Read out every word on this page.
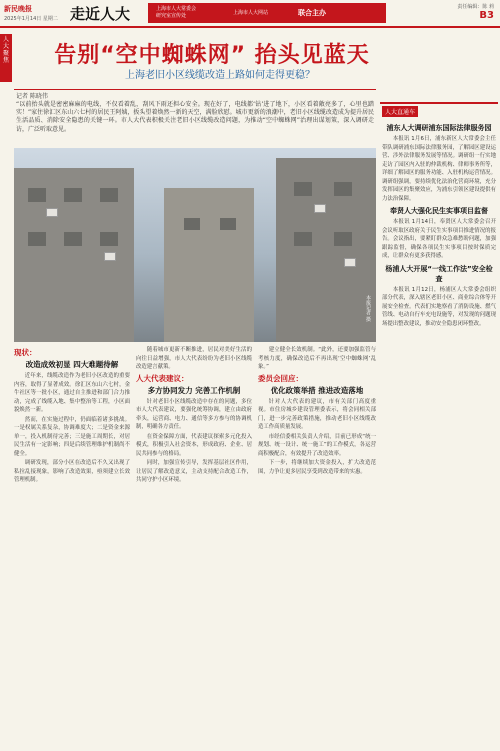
新民晚报
2025年1月14日 星期二 走近人大	上海市人大常委会
研究室宣传处	上海市人大网站	联合主办
责任编辑：陈 莉
B3
人大聚焦 告别“空中蜘蛛网” 抬头见蓝天
上海老旧小区线缆改造上路如何走得更稳？
记者 陈晓伟
“以前抬头就是密密麻麻的电线，不仅看着乱，刮风下雨还担心安全。现在好了，电线都‘钻’进了地下，小区看着敞亮多了，心里也踏实！”家住徐汇区东山六七村的居民王阿姨，扳头望着焕然一新的天空，满脸欣慰。城市更新的浪潮中，老旧小区线缆改造成为提升居民生活品质、消除安全隐患的关键一环。市人大代表积极关注老旧小区线缆改造问题，为推动“空中蜘蛛网”治理出谋划策，深入调研走访，广泛听取意见。
本报记者 摄
现状：
改造成效初显 四大难题待解

近年来，线缆改造作为老旧小区改造的重要内容，取得了显著成效。徐汇区东山六七村，金牛社区等一批小区，通过自主推进和部门合力推动，完成了线缆入地、集中整治等工程，小区面貌焕然一新。

然而，在实施过程中，仍面临着诸多挑战。一是权属关系复杂，协调难度大；二是资金来源单一，投入机制待完善；三是施工周期长，对居民生活有一定影响；四是后续管理维护机制尚不健全。

调研发现，部分小区在改造后不久又出现了私拉乱接现象，影响了改造效果，亟须建立长效管理机制。

随着城市更新不断推进，居民对美好生活的向往日益增强，市人大代表纷纷为老旧小区线缆改造建言献策。

人大代表建议：
多方协同发力 完善工作机制

针对老旧小区线缆改造中存在的问题，多位市人大代表建议，要强化统筹协调，建立由政府牵头，运营商、电力、通信等多方参与的协调机制，明确各方责任。

在资金保障方面，代表建议探索多元化投入模式，积极引入社会资本，形成政府、企业、居民共同参与的格局。

同时，加强宣传引导，发挥基层社区作用，让居民了解改造意义，主动支持配合改造工作，共同守护小区环境。

建立健全长效机制。“此外，还要加强监管与考核力度，确保改造后不再出现‘空中蜘蛛网’乱象。”

委员会回应：
优化政策举措 推进改造落地

针对人大代表的建议，市有关部门高度重视。市住房城乡建设管理委表示，将会同相关部门，进一步完善政策措施，推动老旧小区线缆改造工作高质量发展。

市经信委相关负责人介绍，目前已形成“统一规划、统一设计、统一施工”的工作模式，各运营商积极配合，有效提升了改造效率。

下一步，将继续加大资金投入，扩大改造范围，力争让更多居民享受到改造带来的实惠。

人大直通车
浦东人大调研浦东国际法律服务园

本报讯 1月6日，浦东新区人大常委会主任带队调研浦东国际法律服务园，了解园区建设运营、涉外法律服务发展等情况。调研组一行实地走访了园区内入驻的仲裁机构、律师事务所等，详细了解园区的服务功能、入驻机构运营情况。调研组强调，要持续优化法治化营商环境，充分发挥园区的集聚效应，为浦东引领区建设提供有力法治保障。

奉贤人大强化民生实事项目监督

本报讯 1月14日，奉贤区人大常委会召开会议听取区政府关于民生实事项目推进情况的报告。会议指出，要紧盯群众急难愁盼问题，加强跟踪监督，确保各项民生实事项目按时保质完成，让群众有更多获得感。

杨浦人大开展“一线工作法”安全检查

本报讯 1月12日，杨浦区人大常委会组织部分代表，深入辖区老旧小区、商业综合体等开展安全检查。代表们实地察看了消防设施、燃气管线、电动自行车充电设施等，对发现的问题现场提出整改建议，推动安全隐患闭环整改。
